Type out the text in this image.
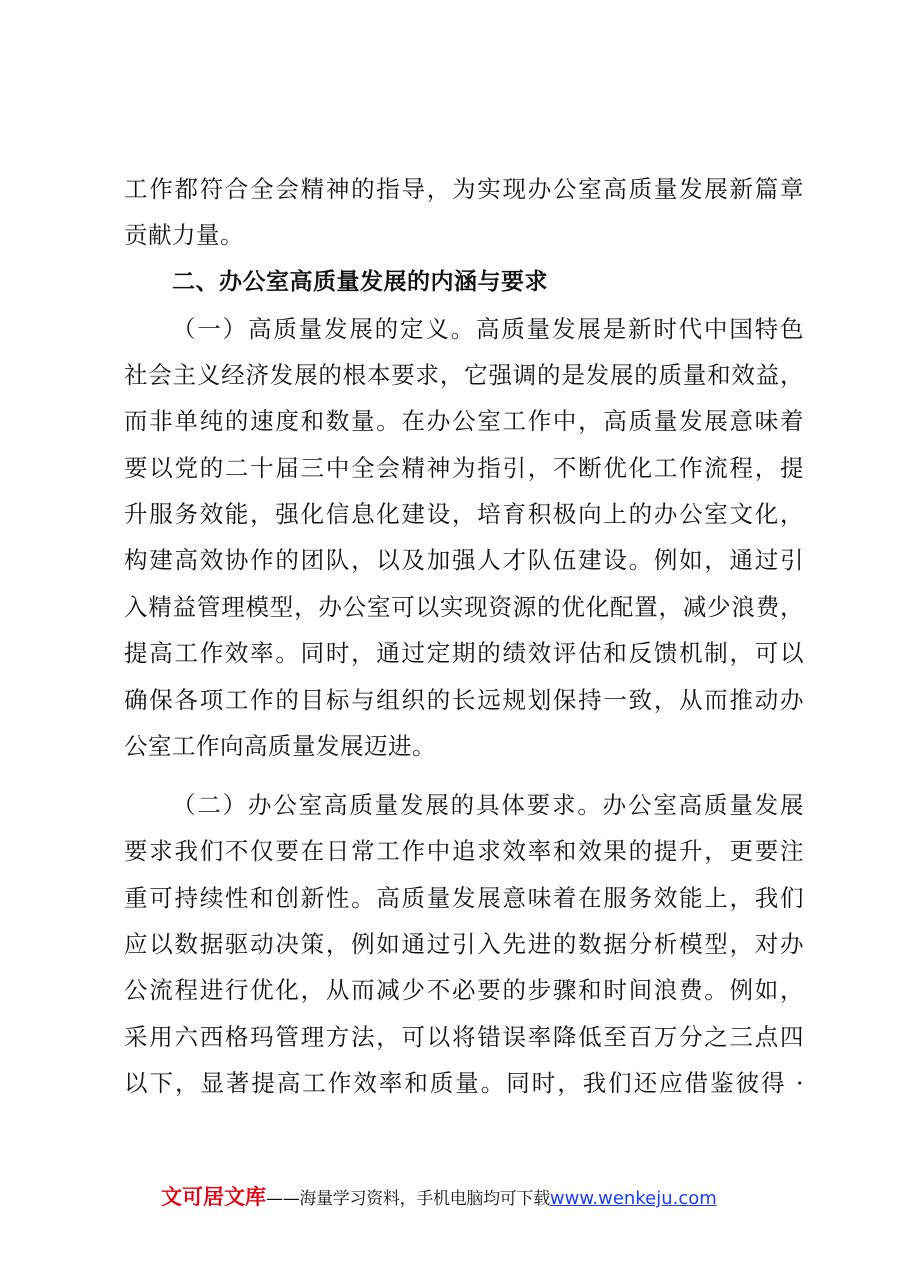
工作都符合全会精神的指导，为实现办公室高质量发展新篇章
贡献力量。
二、办公室高质量发展的内涵与要求
（一）高质量发展的定义。高质量发展是新时代中国特色
社会主义经济发展的根本要求，它强调的是发展的质量和效益，
而非单纯的速度和数量。在办公室工作中，高质量发展意味着
要以党的二十届三中全会精神为指引，不断优化工作流程，提
升服务效能，强化信息化建设，培育积极向上的办公室文化，
构建高效协作的团队，以及加强人才队伍建设。例如，通过引
入精益管理模型，办公室可以实现资源的优化配置，减少浪费，
提高工作效率。同时，通过定期的绩效评估和反馈机制，可以
确保各项工作的目标与组织的长远规划保持一致，从而推动办
公室工作向高质量发展迈进。
（二）办公室高质量发展的具体要求。办公室高质量发展
要求我们不仅要在日常工作中追求效率和效果的提升，更要注
重可持续性和创新性。高质量发展意味着在服务效能上，我们
应以数据驱动决策，例如通过引入先进的数据分析模型，对办
公流程进行优化，从而减少不必要的步骤和时间浪费。例如，
采用六西格玛管理方法，可以将错误率降低至百万分之三点四
以下，显著提高工作效率和质量。同时，我们还应借鉴彼得 ·
文可居文库——海量学习资料，手机电脑均可下载www.wenkeju.com
